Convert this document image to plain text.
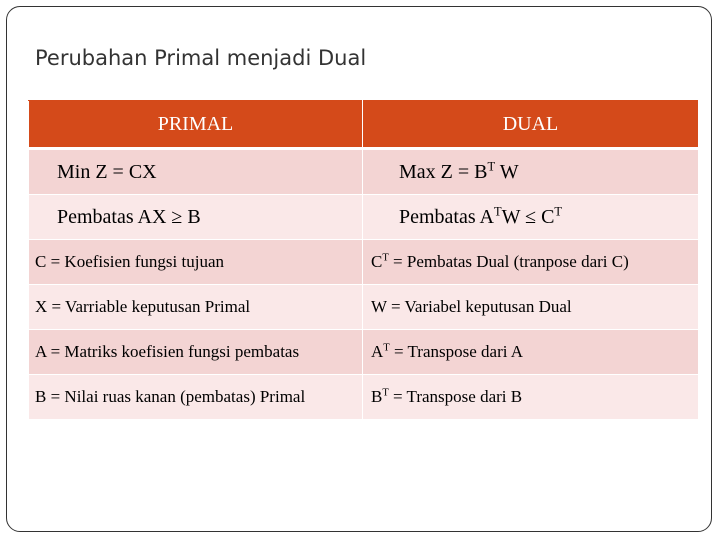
Perubahan Primal menjadi Dual
PRIMAL	DUAL
Min Z = CX	Max $Z = B^T$ W
Pembatas AX ≥ B	Pembatas $A^TW \le C^T$
C = Koefisien fungsi tujuan	$C^T$ = Pembatas Dual (tranpose dari C)
X = Varriable keputusan Primal	W = Variabel keputusan Dual
A = Matriks koefisien fungsi pembatas	$A^T$ = Transpose dari A
B = Nilai ruas kanan (pembatas) Primal	$B^T$ = Transpose dari B
